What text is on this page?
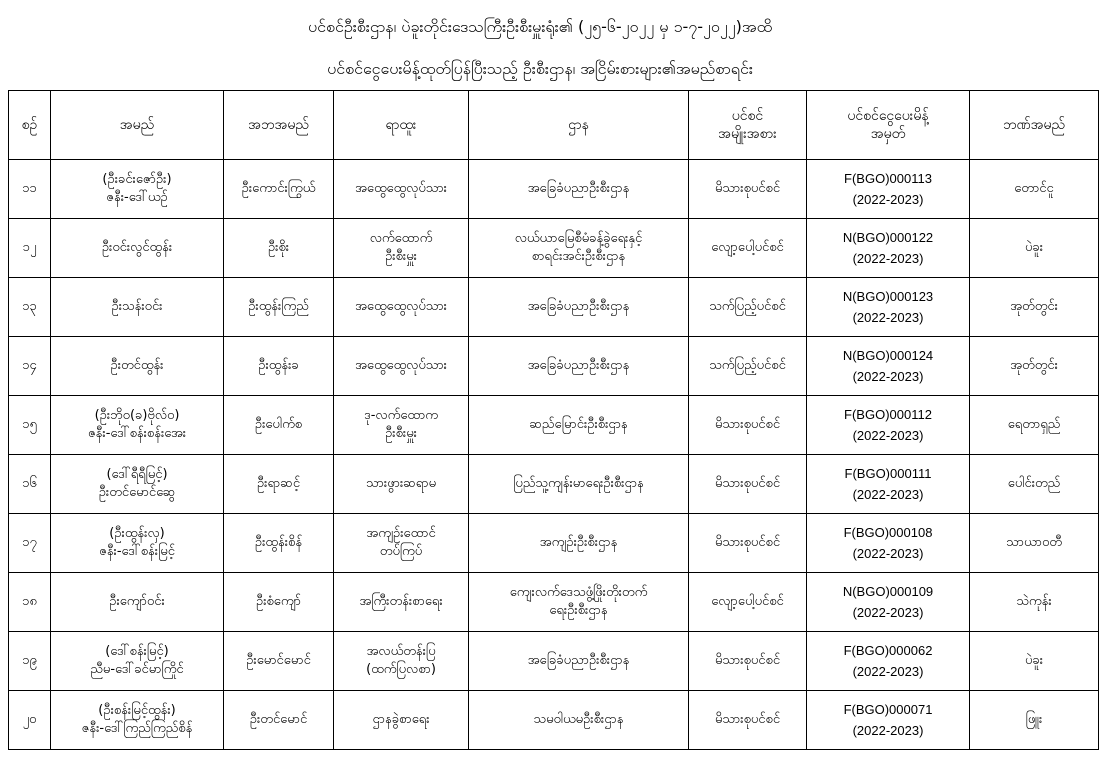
ပင်စင်ဦးစီးဌာန၊ ပဲခူးတိုင်းဒေသကြီးဦးစီးမှူးရုံး၏ (၂၅-၆-၂၀၂၂ မှ ၁-၇-၂၀၂၂)အထိ
ပင်စင်ငွေပေးမိန့်ထုတ်ပြန်ပြီးသည့် ဦးစီးဌာန၊ အငြိမ်းစားများ၏အမည်စာရင်း
စဉ်	အမည်	အဘအမည်	ရာထူး	ဌာန	ပင်စင်
အမျိုးအစား	ပင်စင်ငွေပေးမိန့်
အမှတ်	ဘဏ်အမည်

၁၁	(ဦးခင်းဇော်ဦး)
ဇနီး-ဒေါ်ယဉ်	ဦးကောင်းကြွယ်	အထွေထွေလုပ်သား	အခြေခံပညာဦးစီးဌာန	မိသားစုပင်စင်	F(BGO)000113
(2022-2023)	တောင်ငူ

၁၂	ဦးဝင်းလွင်ထွန်း	ဦးစိုး	လက်ထောက်
ဦးစီးမှူး	လယ်ယာမြေစီမံခန့်ခွဲရေးနှင့်
စာရင်းအင်းဦးစီးဌာန	လျော့ပေါ့ပင်စင်	N(BGO)000122
(2022-2023)	ပဲခူး

၁၃	ဦးသန်းဝင်း	ဦးထွန်းကြည်	အထွေထွေလုပ်သား	အခြေခံပညာဦးစီးဌာန	သက်ပြည့်ပင်စင်	N(BGO)000123
(2022-2023)	အုတ်တွင်း

၁၄	ဦးတင်ထွန်း	ဦးထွန်းခ	အထွေထွေလုပ်သား	အခြေခံပညာဦးစီးဌာန	သက်ပြည့်ပင်စင်	N(BGO)000124
(2022-2023)	အုတ်တွင်း

၁၅	(ဦးဘိုဝ(ခ)ဗိုလ်ဝ)
ဇနီး-ဒေါ်စန်းစန်းအေး	ဦးပေါက်စ	ဒု-လက်ထောက
ဦးစီးမှူး	ဆည်မြောင်းဦးစီးဌာန	မိသားစုပင်စင်	F(BGO)000112
(2022-2023)	ရေတာရှည်

၁၆	(ဒေါ်ရီရီမြင့်)
ဦးတင်မောင်ဆွေ	ဦးရာဆင့်	သားဖွားဆရာမ	ပြည်သူ့ကျန်းမာရေးဦးစီးဌာန	မိသားစုပင်စင်	F(BGO)000111
(2022-2023)	ပေါင်းတည်

၁၇	(ဦးထွန်းလှ)
ဇနီး-ဒေါ်စန်းမြင့်	ဦးထွန်းစိန်	အကျဉ်းထောင်
တပ်ကြပ်	အကျဉ်းဦးစီးဌာန	မိသားစုပင်စင်	F(BGO)000108
(2022-2023)	သာယာဝတီ

၁၈	ဦးကျော်ဝင်း	ဦးစံကျော်	အကြီးတန်းစာရေး	ကျေးလက်ဒေသဖွံ့ဖြိုးတိုးတက်
ရေးဦးစီးဌာန	လျော့ပေါ့ပင်စင်	N(BGO)000109
(2022-2023)	သဲကုန်း

၁၉	(ဒေါ်စန်းမြင့်)
ညီမ-ဒေါ်ခင်မာကြိုင်	ဦးမောင်မောင်	အလယ်တန်းပြ
(ထက်ပြလစာ)	အခြေခံပညာဦးစီးဌာန	မိသားစုပင်စင်	F(BGO)000062
(2022-2023)	ပဲခူး

၂၀	(ဦးစန်းမြင့်ထွန်း)
ဇနီး-ဒေါ်ကြည်ကြည်စိန်	ဦးတင်မောင်	ဌာနခွဲစာရေး	သမဝါယမဦးစီးဌာန	မိသားစုပင်စင်	F(BGO)000071
(2022-2023)	ဖြူး
